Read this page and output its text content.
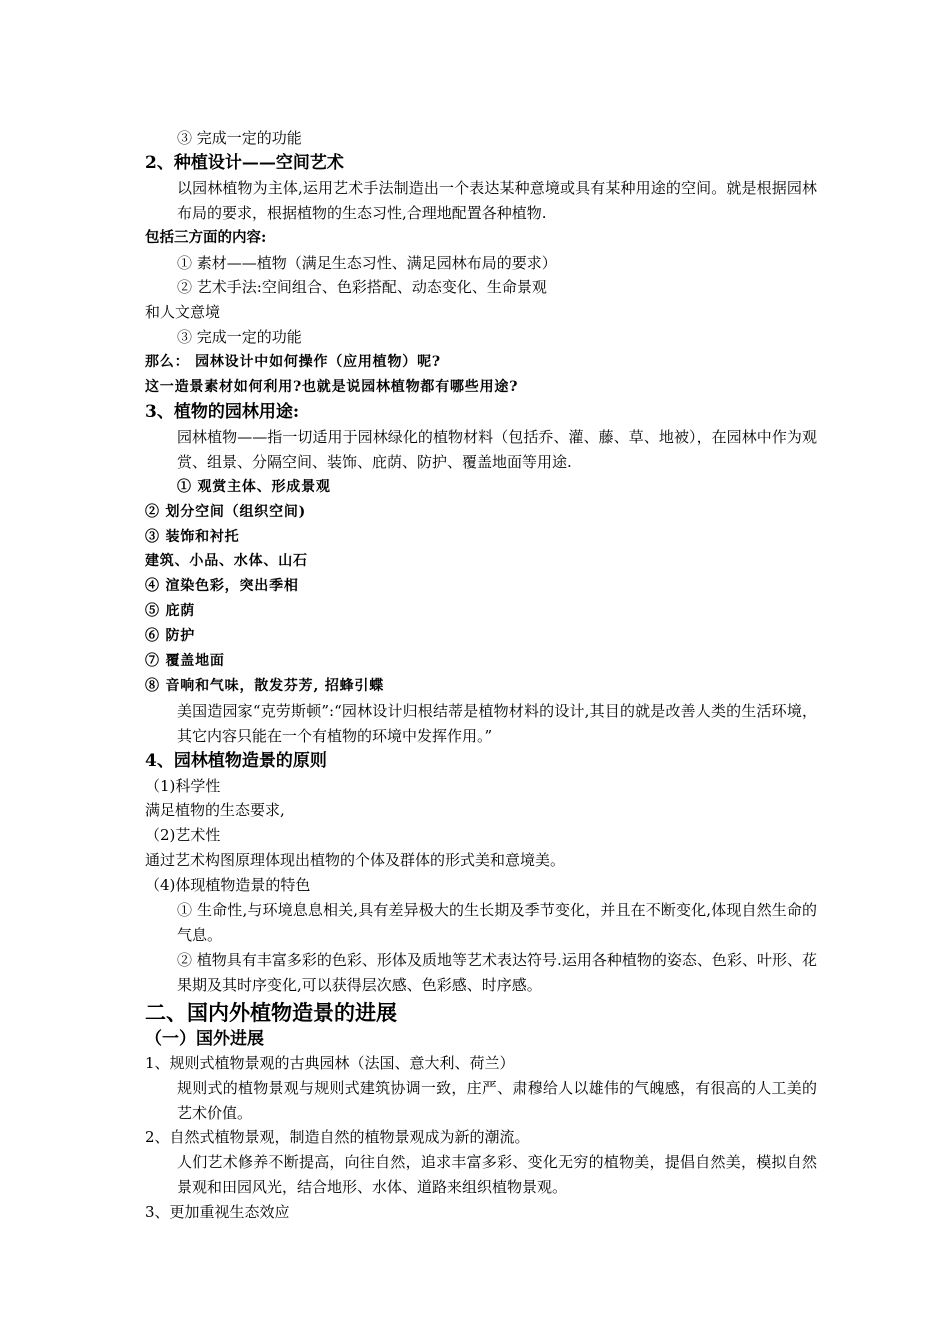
③ 完成一定的功能

2、种植设计——空间艺术

以园林植物为主体,运用艺术手法制造出一个表达某种意境或具有某种用途的空间。就是根据园林布局的要求，根据植物的生态习性,合理地配置各种植物.

包括三方面的内容:

① 素材——植物（满足生态习性、满足园林布局的要求）

② 艺术手法:空间组合、色彩搭配、动态变化、生命景观

和人文意境

③ 完成一定的功能

那么： 园林设计中如何操作（应用植物）呢?

这一造景素材如何利用?也就是说园林植物都有哪些用途?

3、植物的园林用途:

园林植物——指一切适用于园林绿化的植物材料（包括乔、灌、藤、草、地被），在园林中作为观赏、组景、分隔空间、装饰、庇荫、防护、覆盖地面等用途.

① 观赏主体、形成景观

② 划分空间（组织空间)

③ 装饰和衬托

建筑、小品、水体、山石

④ 渲染色彩，突出季相

⑤ 庇荫

⑥ 防护

⑦ 覆盖地面

⑧ 音响和气味，散发芬芳, 招蜂引蝶

美国造园家“克劳斯顿”:“园林设计归根结蒂是植物材料的设计,其目的就是改善人类的生活环境，其它内容只能在一个有植物的环境中发挥作用。”

4、园林植物造景的原则

（1)科学性

满足植物的生态要求,

（2)艺术性

通过艺术构图原理体现出植物的个体及群体的形式美和意境美。

（4)体现植物造景的特色

① 生命性,与环境息息相关,具有差异极大的生长期及季节变化，并且在不断变化,体现自然生命的气息。

② 植物具有丰富多彩的色彩、形体及质地等艺术表达符号.运用各种植物的姿态、色彩、叶形、花果期及其时序变化,可以获得层次感、色彩感、时序感。

二、国内外植物造景的进展

（一）国外进展

1、规则式植物景观的古典园林（法国、意大利、荷兰）

规则式的植物景观与规则式建筑协调一致，庄严、肃穆给人以雄伟的气魄感，有很高的人工美的艺术价值。

2、自然式植物景观，制造自然的植物景观成为新的潮流。

人们艺术修养不断提高，向往自然，追求丰富多彩、变化无穷的植物美，提倡自然美，模拟自然景观和田园风光，结合地形、水体、道路来组织植物景观。

3、更加重视生态效应
